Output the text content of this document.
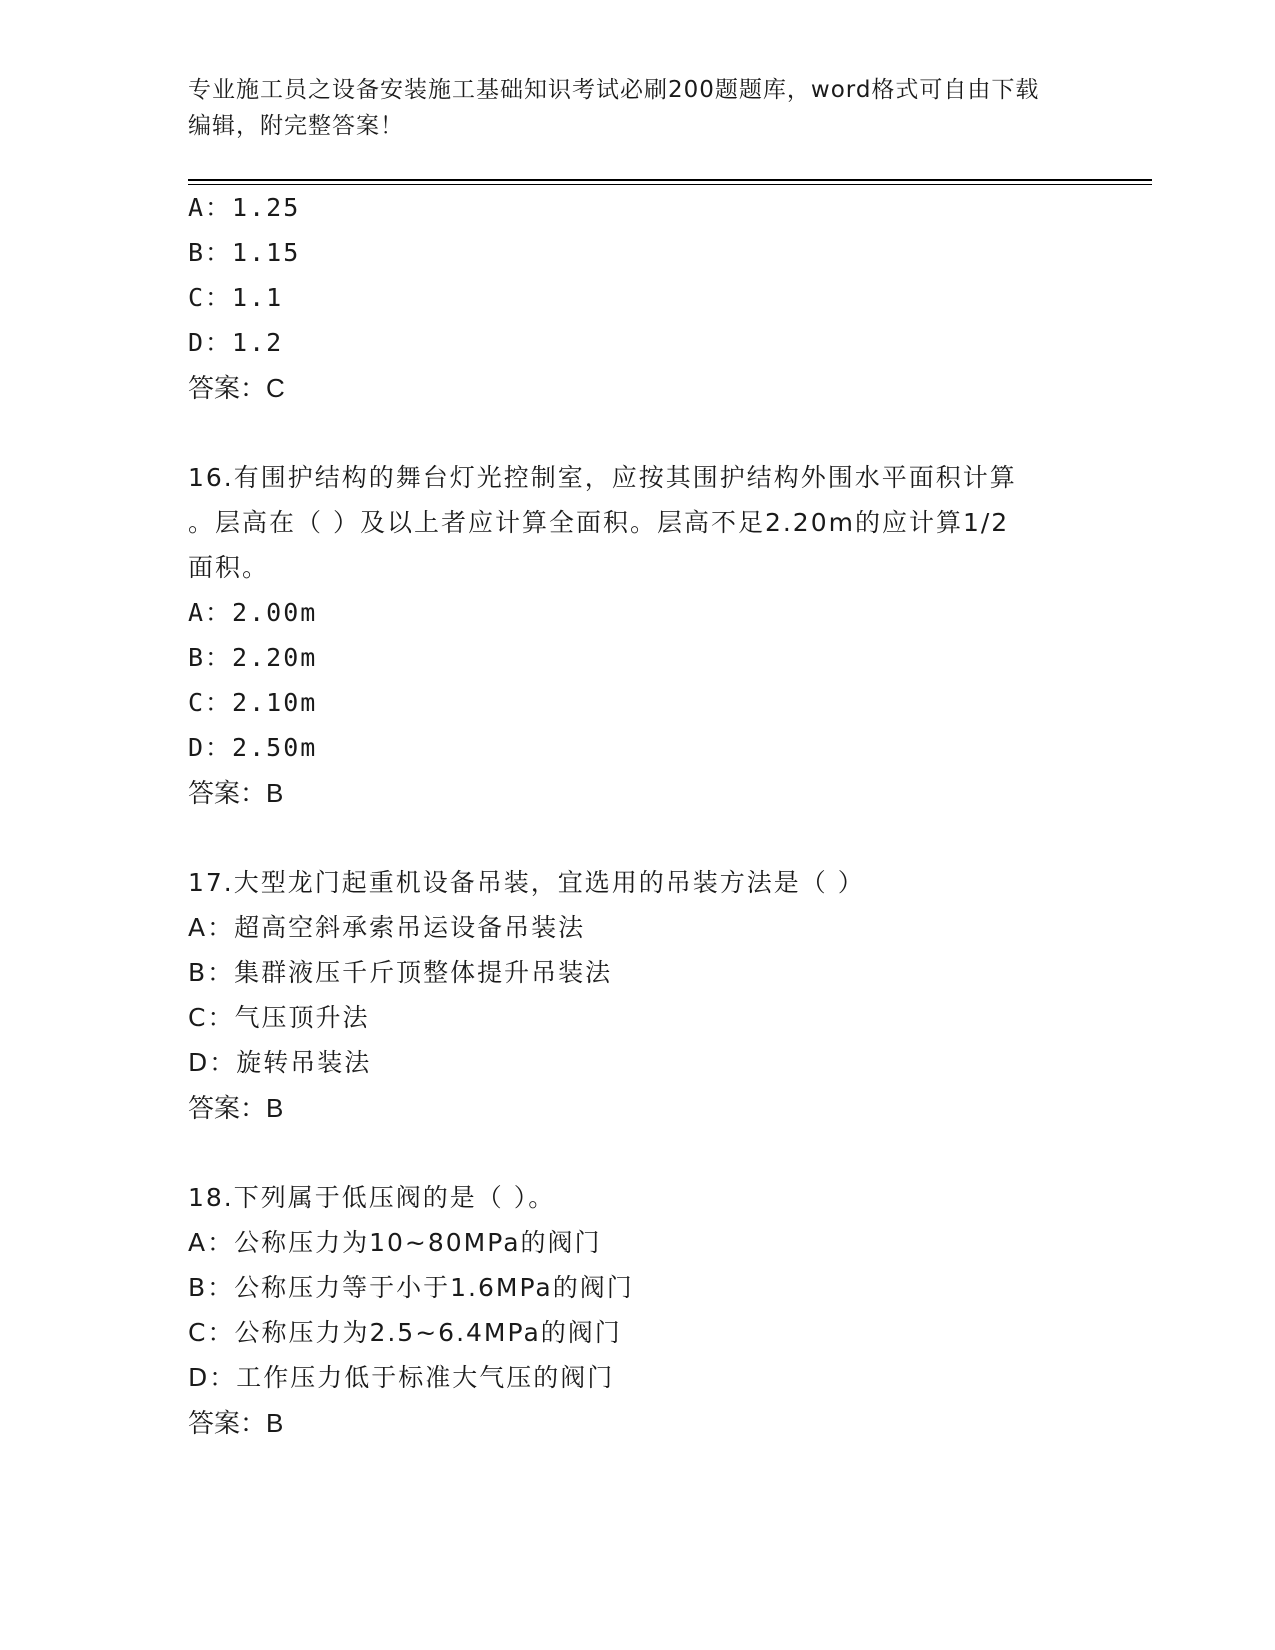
专业施工员之设备安装施工基础知识考试必刷200题题库，word格式可自由下载
编辑，附完整答案！
A：1.25
B：1.15
C：1.1
D：1.2
答案：C
16.有围护结构的舞台灯光控制室，应按其围护结构外围水平面积计算
。层高在（ ）及以上者应计算全面积。层高不足2.20m的应计算1/2
面积。
A：2.00m
B：2.20m
C：2.10m
D：2.50m
答案：B
17.大型龙门起重机设备吊装，宜选用的吊装方法是（ ）
A：超高空斜承索吊运设备吊装法
B：集群液压千斤顶整体提升吊装法
C：气压顶升法
D：旋转吊装法
答案：B
18.下列属于低压阀的是（ ）。
A：公称压力为10~80MPa的阀门
B：公称压力等于小于1.6MPa的阀门
C：公称压力为2.5~6.4MPa的阀门
D：工作压力低于标准大气压的阀门
答案：B
